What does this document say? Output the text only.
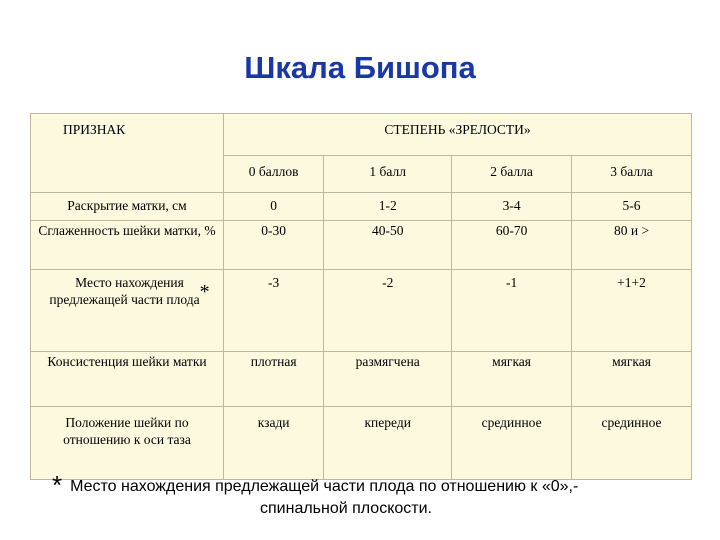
Шкала Бишопа
ПРИЗНАК	СТЕПЕНЬ «ЗРЕЛОСТИ»			
	0 баллов	1 балл	2 балла	3 балла
Раскрытие матки, см	0	1-2	3-4	5-6
Сглаженность шейки матки, %	0-30	40-50	60-70	80 и >
Место нахождения предлежащей части плода*	-3	-2	-1	+1+2
Консистенция шейки матки	плотная	размягчена	мягкая	мягкая
Положение шейки по отношению к оси таза	кзади	кпереди	срединное	срединное
* Место нахождения предлежащей части плода по отношению к «0»,-
спинальной плоскости.
